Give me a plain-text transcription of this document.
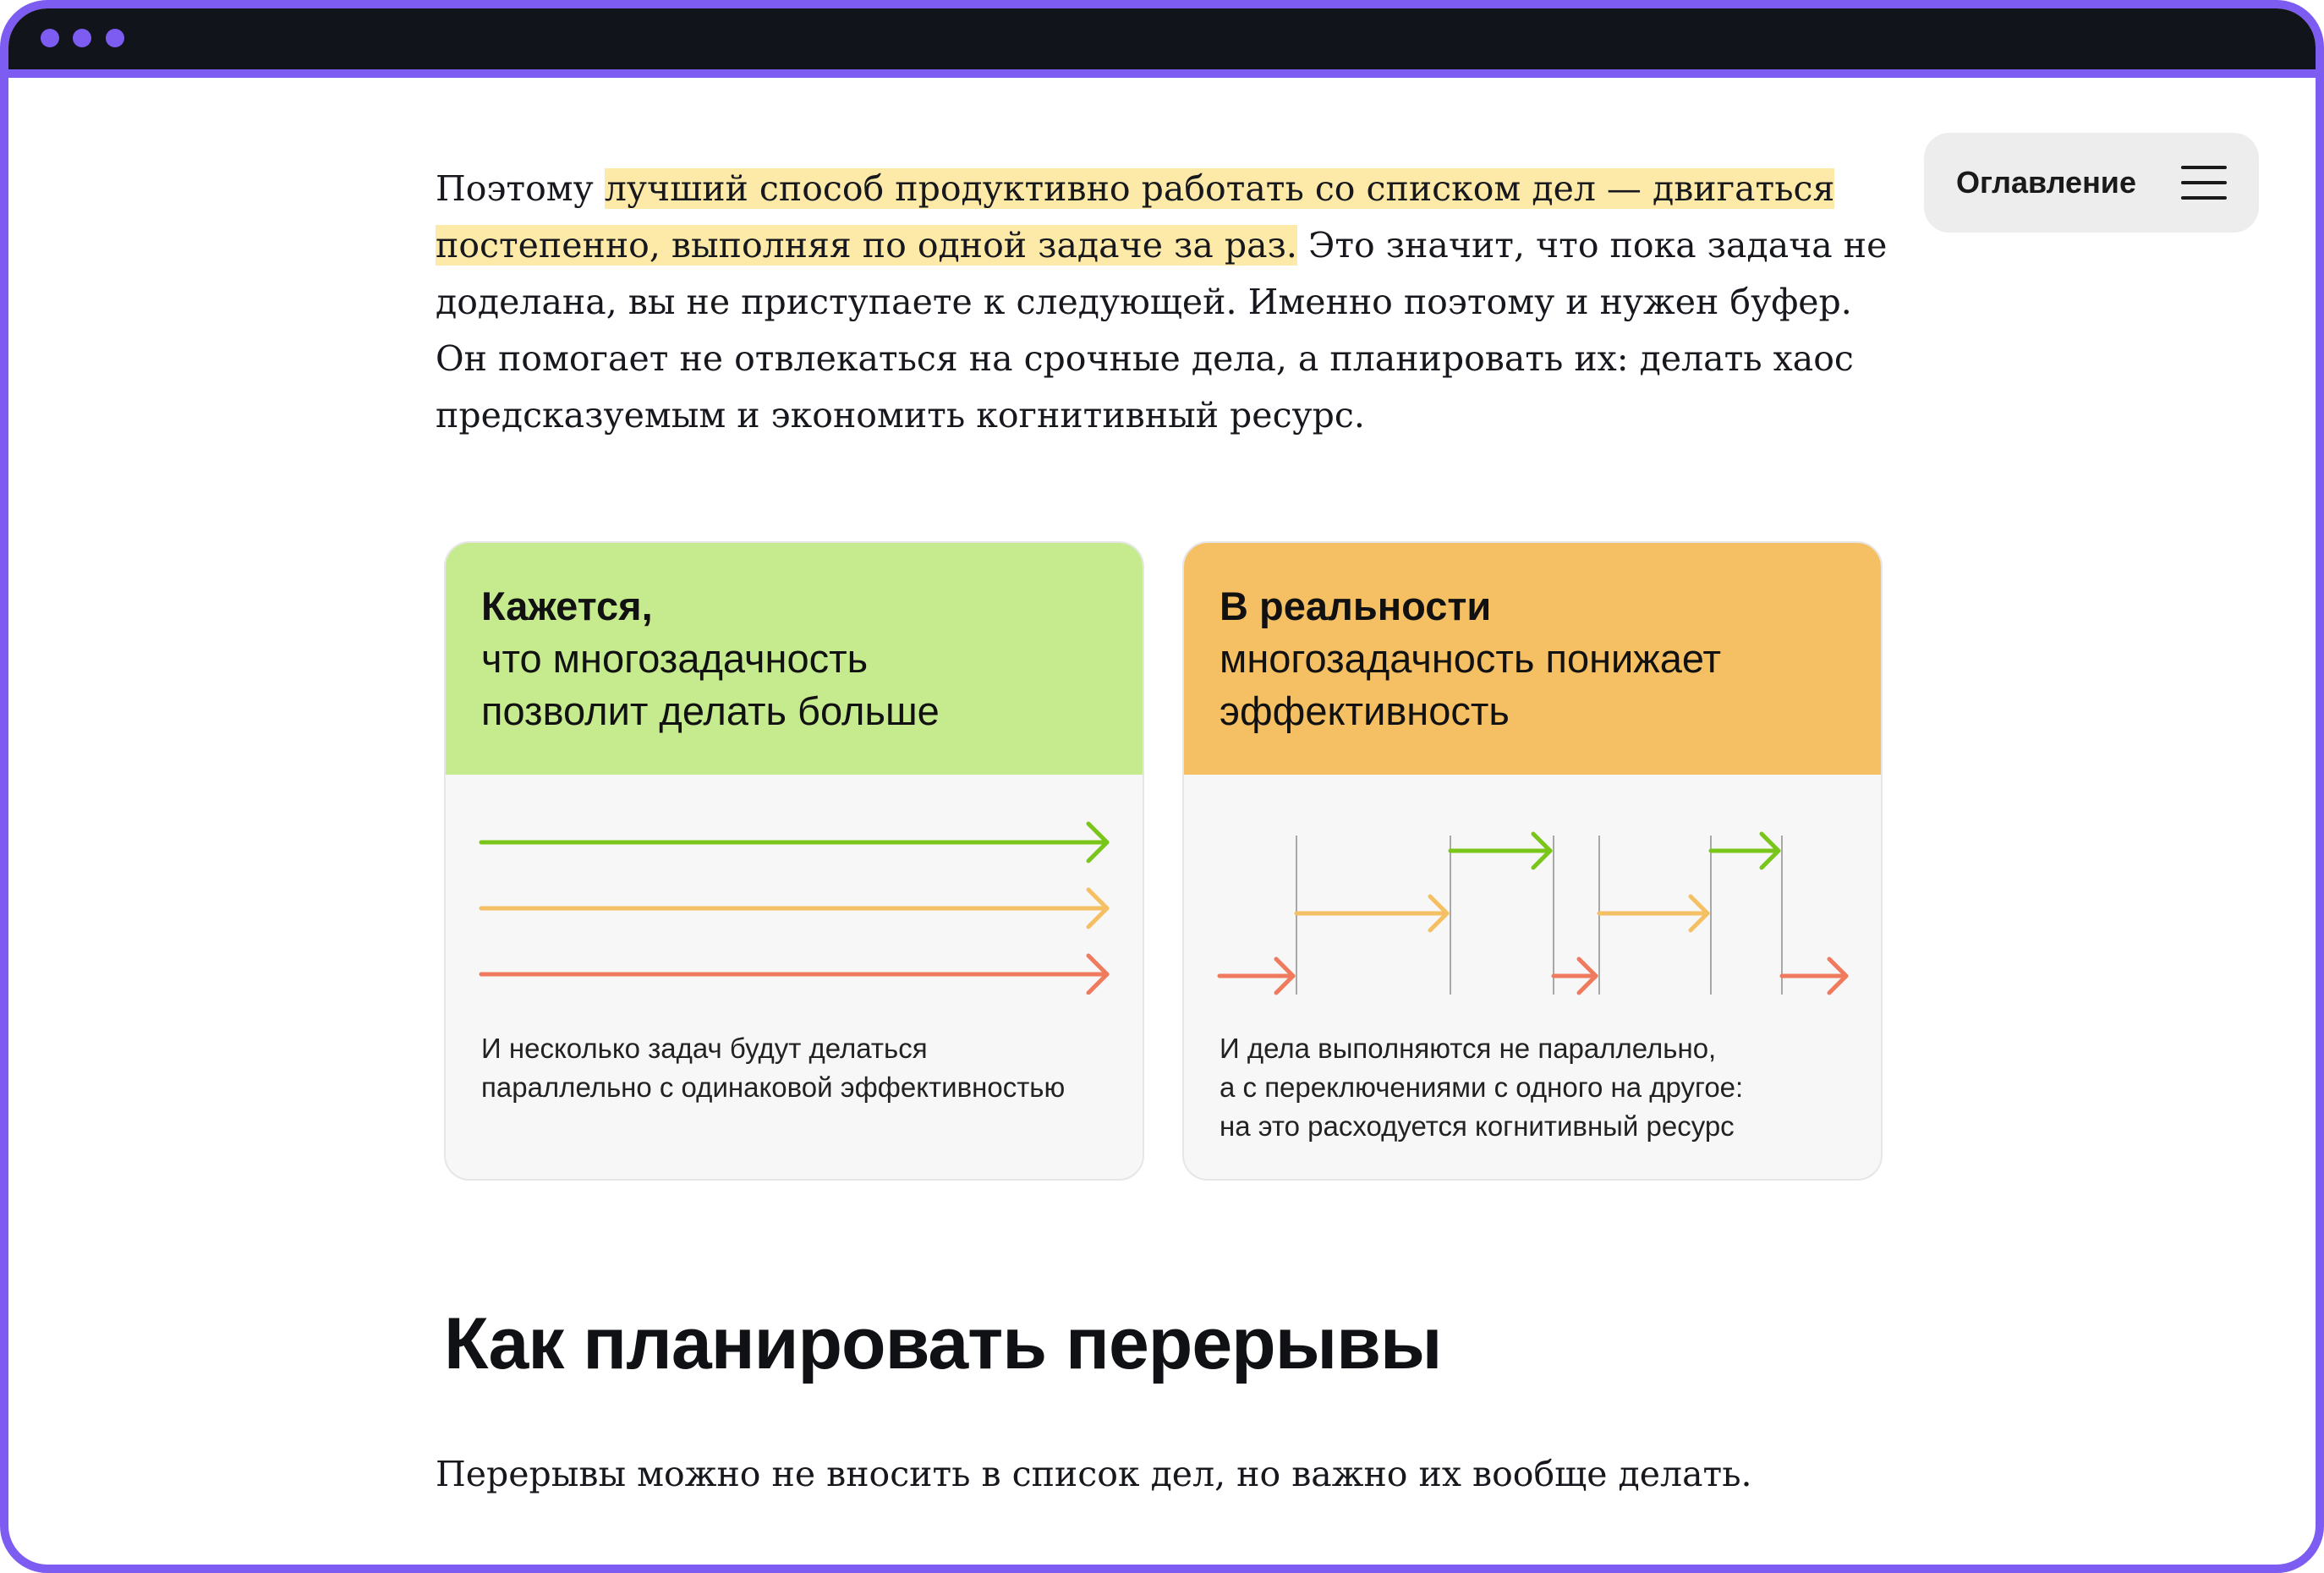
Поэтому лучший способ продуктивно работать со списком дел — двигаться постепенно, выполняя по одной задаче за раз. Это значит, что пока задача не доделана, вы не приступаете к следующей. Именно поэтому и нужен буфер. Он помогает не отвлекаться на срочные дела, а планировать их: делать хаос предсказуемым и экономить когнитивный ресурс.

Оглавление
Кажется,
что многозадачность
позволит делать больше
И несколько задач будут делаться
параллельно с одинаковой эффективностью
В реальности
многозадачность понижает
эффективность
И дела выполняются не параллельно,
а с переключениями с одного на другое:
на это расходуется когнитивный ресурс
Как планировать перерывы

Перерывы можно не вносить в список дел, но важно их вообще делать.
